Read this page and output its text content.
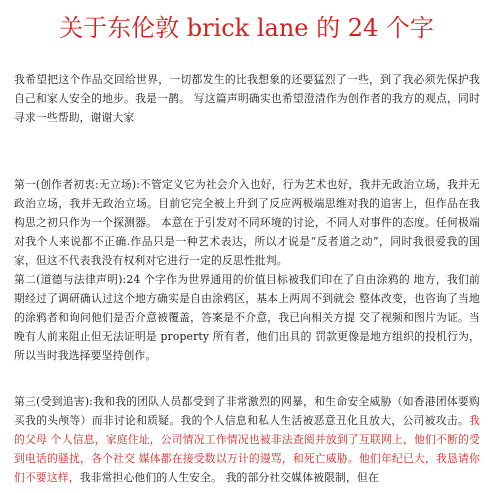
关于东伦敦 brick lane 的 24 个字
我希望把这个作品交回给世界，一切都发生的比我想象的还要猛烈了一些，到了我必须先保护我自己和家人安全的地步。我是一鹊。 写这篇声明确实也希望澄清作为创作者的我方的观点，同时寻求一些帮助，谢谢大家
第一(创作者初衷:无立场):不管定义它为社会介入也好，行为艺术也好，我并无政治立场，我并无政治立场，我并无政治立场。目前它完全被上升到了反应两极端思维对我的追害上，但作品在我构思之初只作为一个探测器。 本意在于引发对不同环境的讨论，不同人对事件的态度。任何极端对我个人来说都不正确.作品只是一种艺术表达，所以才说是“反者道之动”，同时我很爱我的国家，但这不代表我没有权利对它进行一定的反思性批判。
第二(道德与法律声明):24 个字作为世界通用的价值目标被我们印在了自由涂鸦的 地方，我们前期经过了调研确认过这个地方确实是自由涂鸦区，基本上两周不到就会 整体改变，也咨询了当地的涂鸦者和询问他们是否介意被覆盖，答案是不介意，我已向相关方提 交了视频和图片为证。当晚有人前来阻止但无法证明是 property 所有者，他们出具的 罚款更像是地方组织的投机行为，所以当时我选择要坚持创作。
第三(受到追害):我和我的团队人员都受到了非常激烈的网暴，和生命安全威胁（如香港团体要购买我的头颅等）而非讨论和质疑。我的个人信息和私人生活被恶意丑化且放大，公司被攻击。我的父母 个人信息，家庭住址，公司情况工作情况也被非法查阅并放到了互联网上，他们不断的受到电话的骚扰，各个社交 媒体都在接受数以万计的谩骂，和死亡威胁。他们年纪已大，我恳请你们不要这样，我非常担心他们的人生安全。 我的部分社交媒体被限制，但在
